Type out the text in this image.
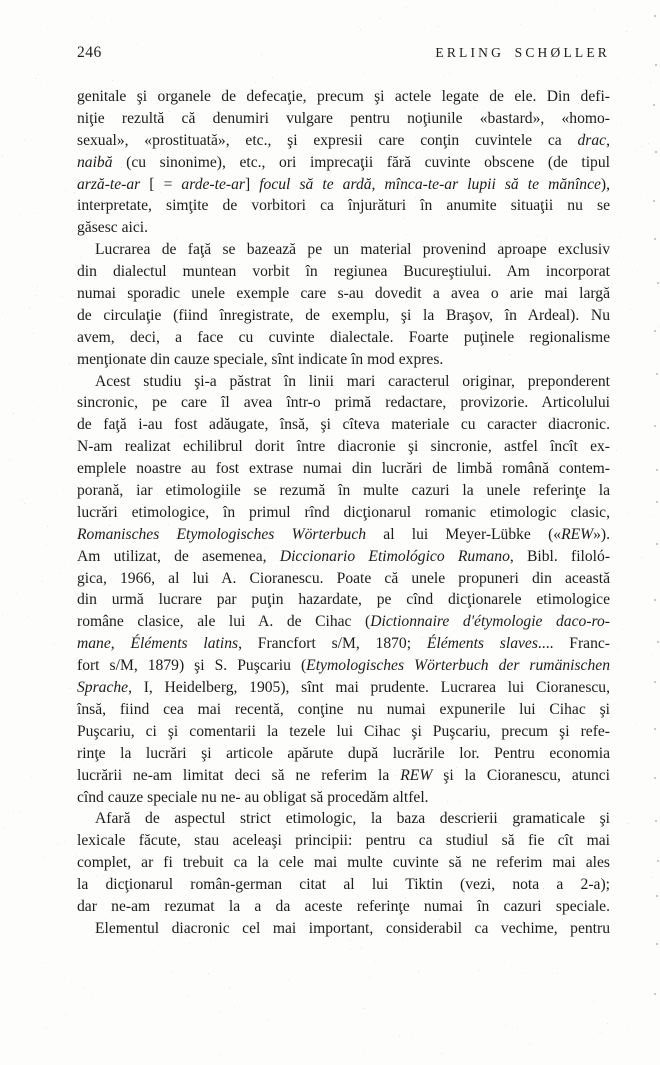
246	ERLING SCHØLLER
genitale şi organele de defecaţie, precum şi actele legate de ele. Din defi-
niţie rezultă că denumiri vulgare pentru noţiunile «bastard», «homo-
sexual», «prostituată», etc., şi expresii care conţin cuvintele ca drac,
naibă (cu sinonime), etc., ori imprecaţii fără cuvinte obscene (de tipul
arză-te-ar [ = arde-te-ar] focul să te ardă, mînca-te-ar lupii să te mănînce),
interpretate, simţite de vorbitori ca înjurături în anumite situaţii nu se
găsesc aici.
Lucrarea de faţă se bazează pe un material provenind aproape exclusiv
din dialectul muntean vorbit în regiunea Bucureştiului. Am incorporat
numai sporadic unele exemple care s-au dovedit a avea o arie mai largă
de circulaţie (fiind înregistrate, de exemplu, şi la Braşov, în Ardeal). Nu
avem, deci, a face cu cuvinte dialectale. Foarte puţinele regionalisme
menţionate din cauze speciale, sînt indicate în mod expres.
Acest studiu şi-a păstrat în linii mari caracterul originar, preponderent
sincronic, pe care îl avea într-o primă redactare, provizorie. Articolului
de faţă i-au fost adăugate, însă, şi cîteva materiale cu caracter diacronic.
N-am realizat echilibrul dorit între diacronie şi sincronie, astfel încît ex-
emplele noastre au fost extrase numai din lucrări de limbă română contem-
porană, iar etimologiile se rezumă în multe cazuri la unele referinţe la
lucrări etimologice, în primul rînd dicţionarul romanic etimologic clasic,
Romanisches Etymologisches Wörterbuch al lui Meyer-Lübke («REW»).
Am utilizat, de asemenea, Diccionario Etimológico Rumano, Bibl. filoló-
gica, 1966, al lui A. Cioranescu. Poate că unele propuneri din această
din urmă lucrare par puţin hazardate, pe cînd dicţionarele etimologice
române clasice, ale lui A. de Cihac (Dictionnaire d'étymologie daco-ro-
mane, Éléments latins, Francfort s/M, 1870; Éléments slaves.... Franc-
fort s/M, 1879) şi S. Puşcariu (Etymologisches Wörterbuch der rumänischen
Sprache, I, Heidelberg, 1905), sînt mai prudente. Lucrarea lui Cioranescu,
însă, fiind cea mai recentă, conţine nu numai expunerile lui Cihac şi
Puşcariu, ci şi comentarii la tezele lui Cihac şi Puşcariu, precum şi refe-
rinţe la lucrări şi articole apărute după lucrările lor. Pentru economia
lucrării ne-am limitat deci să ne referim la REW şi la Cioranescu, atunci
cînd cauze speciale nu ne- au obligat să procedăm altfel.
Afară de aspectul strict etimologic, la baza descrierii gramaticale şi
lexicale făcute, stau aceleaşi principii: pentru ca studiul să fie cît mai
complet, ar fi trebuit ca la cele mai multe cuvinte să ne referim mai ales
la dicţionarul român-german citat al lui Tiktin (vezi, nota a 2-a);
dar ne-am rezumat la a da aceste referinţe numai în cazuri speciale.
Elementul diacronic cel mai important, considerabil ca vechime, pentru
